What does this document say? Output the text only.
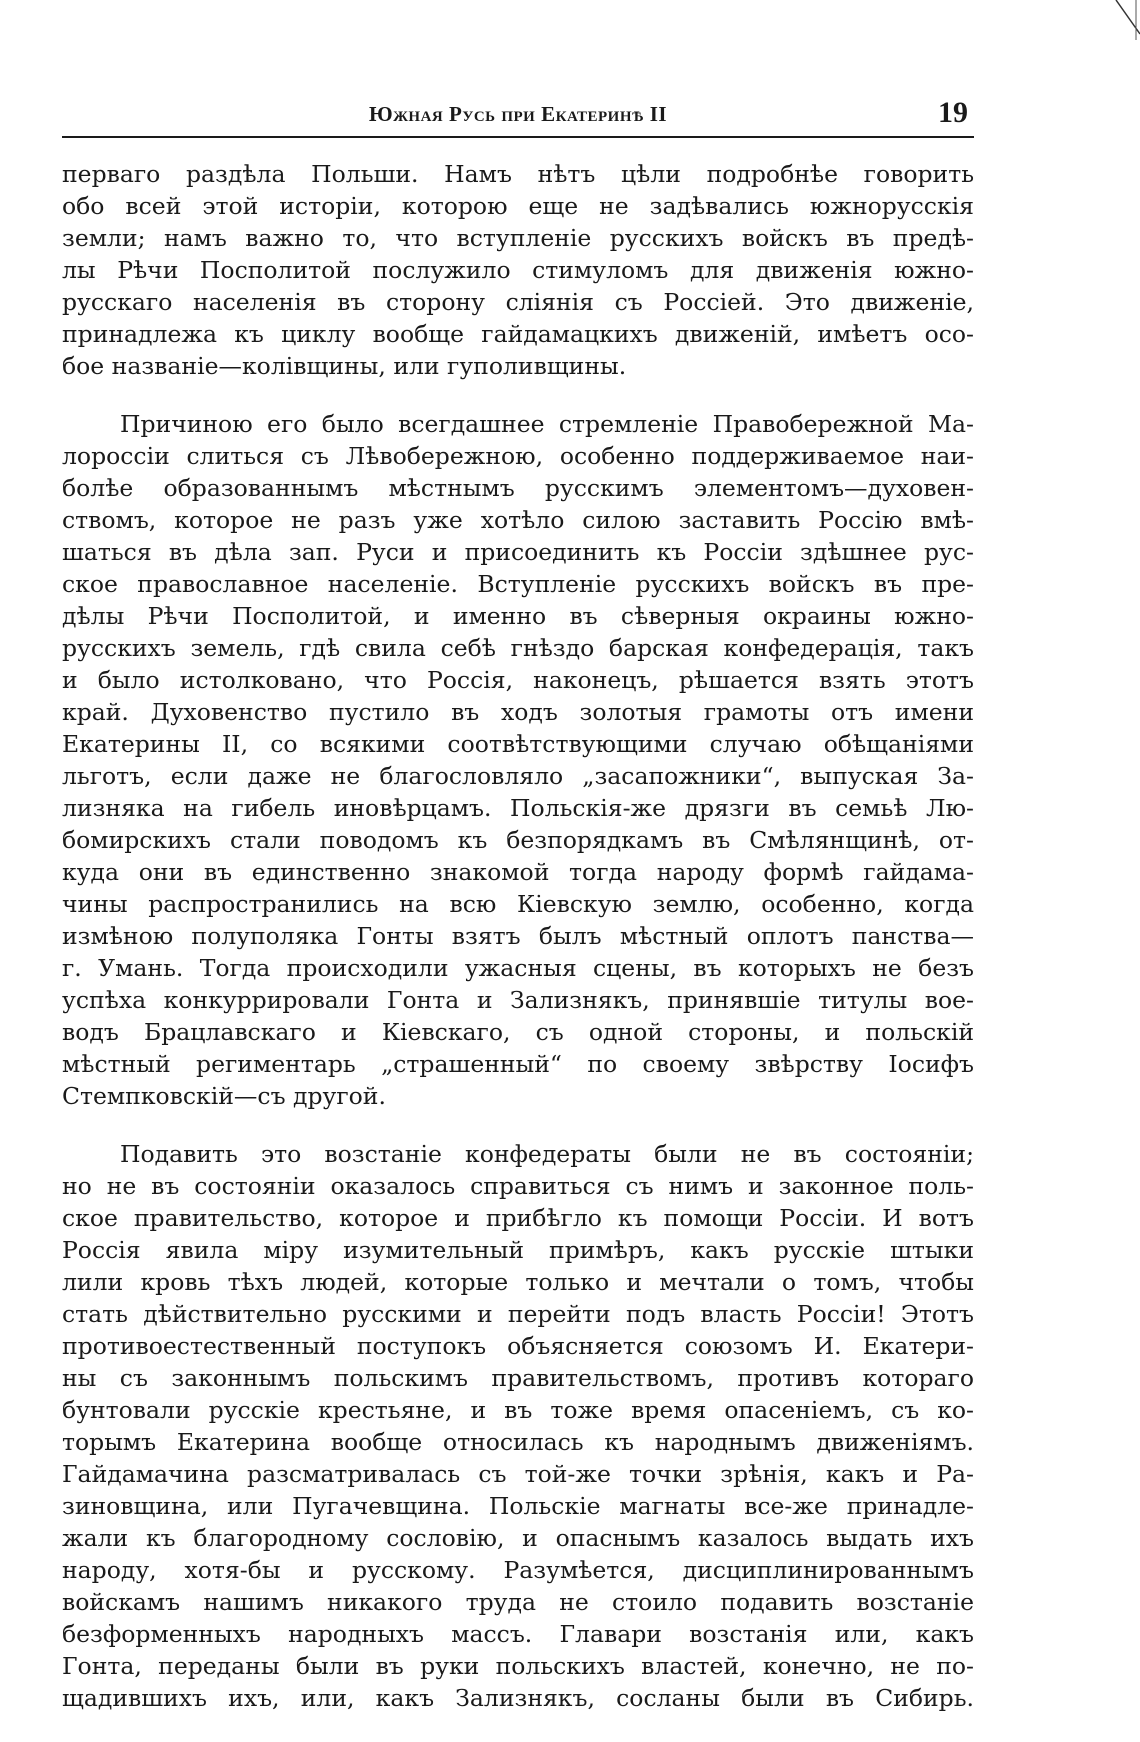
Южная Русь при Екатеринѣ II	19
перваго раздѣла Польши. Намъ нѣтъ цѣли подробнѣе говорить
обо всей этой исторіи, которою еще не задѣвались южнорусскія
земли; намъ важно то, что вступленіе русскихъ войскъ въ предѣ-
лы Рѣчи Посполитой послужило стимуломъ для движенія южно-
русскаго населенія въ сторону сліянія съ Россіей. Это движеніе,
принадлежа къ циклу вообще гайдамацкихъ движеній, имѣетъ осо-
бое названіе—колівщины, или гуполивщины.
Причиною его было всегдашнее стремленіе Правобережной Ма-
лороссіи слиться съ Лѣвобережною, особенно поддерживаемое наи-
болѣе образованнымъ мѣстнымъ русскимъ элементомъ—духовен-
ствомъ, которое не разъ уже хотѣло силою заставить Россію вмѣ-
шаться въ дѣла зап. Руси и присоединить къ Россіи здѣшнее рус-
ское православное населеніе. Вступленіе русскихъ войскъ въ пре-
дѣлы Рѣчи Посполитой, и именно въ сѣверныя окраины южно-
русскихъ земель, гдѣ свила себѣ гнѣздо барская конфедерація, такъ
и было истолковано, что Россія, наконецъ, рѣшается взять этотъ
край. Духовенство пустило въ ходъ золотыя грамоты отъ имени
Екатерины II, со всякими соотвѣтствующими случаю обѣщаніями
льготъ, если даже не благословляло „засапожники“, выпуская За-
лизняка на гибель иновѣрцамъ. Польскія-же дрязги въ семьѣ Лю-
бомирскихъ стали поводомъ къ безпорядкамъ въ Смѣлянщинѣ, от-
куда они въ единственно знакомой тогда народу формѣ гайдама-
чины распространились на всю Кіевскую землю, особенно, когда
измѣною полуполяка Гонты взятъ былъ мѣстный оплотъ панства—
г. Умань. Тогда происходили ужасныя сцены, въ которыхъ не безъ
успѣха конкуррировали Гонта и Зализнякъ, принявшіе титулы вое-
водъ Брацлавскаго и Кіевскаго, съ одной стороны, и польскій
мѣстный региментарь „страшенный“ по своему звѣрству Іосифъ
Стемпковскій—съ другой.
Подавить это возстаніе конфедераты были не въ состояніи;
но не въ состояніи оказалось справиться съ нимъ и законное поль-
ское правительство, которое и прибѣгло къ помощи Россіи. И вотъ
Россія явила міру изумительный примѣръ, какъ русскіе штыки
лили кровь тѣхъ людей, которые только и мечтали о томъ, чтобы
стать дѣйствительно русскими и перейти подъ власть Россіи! Этотъ
противоестественный поступокъ объясняется союзомъ И. Екатери-
ны съ законнымъ польскимъ правительствомъ, противъ котораго
бунтовали русскіе крестьяне, и въ тоже время опасеніемъ, съ ко-
торымъ Екатерина вообще относилась къ народнымъ движеніямъ.
Гайдамачина разсматривалась съ той-же точки зрѣнія, какъ и Ра-
зиновщина, или Пугачевщина. Польскіе магнаты все-же принадле-
жали къ благородному сословію, и опаснымъ казалось выдать ихъ
народу, хотя-бы и русскому. Разумѣется, дисциплинированнымъ
войскамъ нашимъ никакого труда не стоило подавить возстаніе
безформенныхъ народныхъ массъ. Главари возстанія или, какъ
Гонта, переданы были въ руки польскихъ властей, конечно, не по-
щадившихъ ихъ, или, какъ Зализнякъ, сосланы были въ Сибирь.
